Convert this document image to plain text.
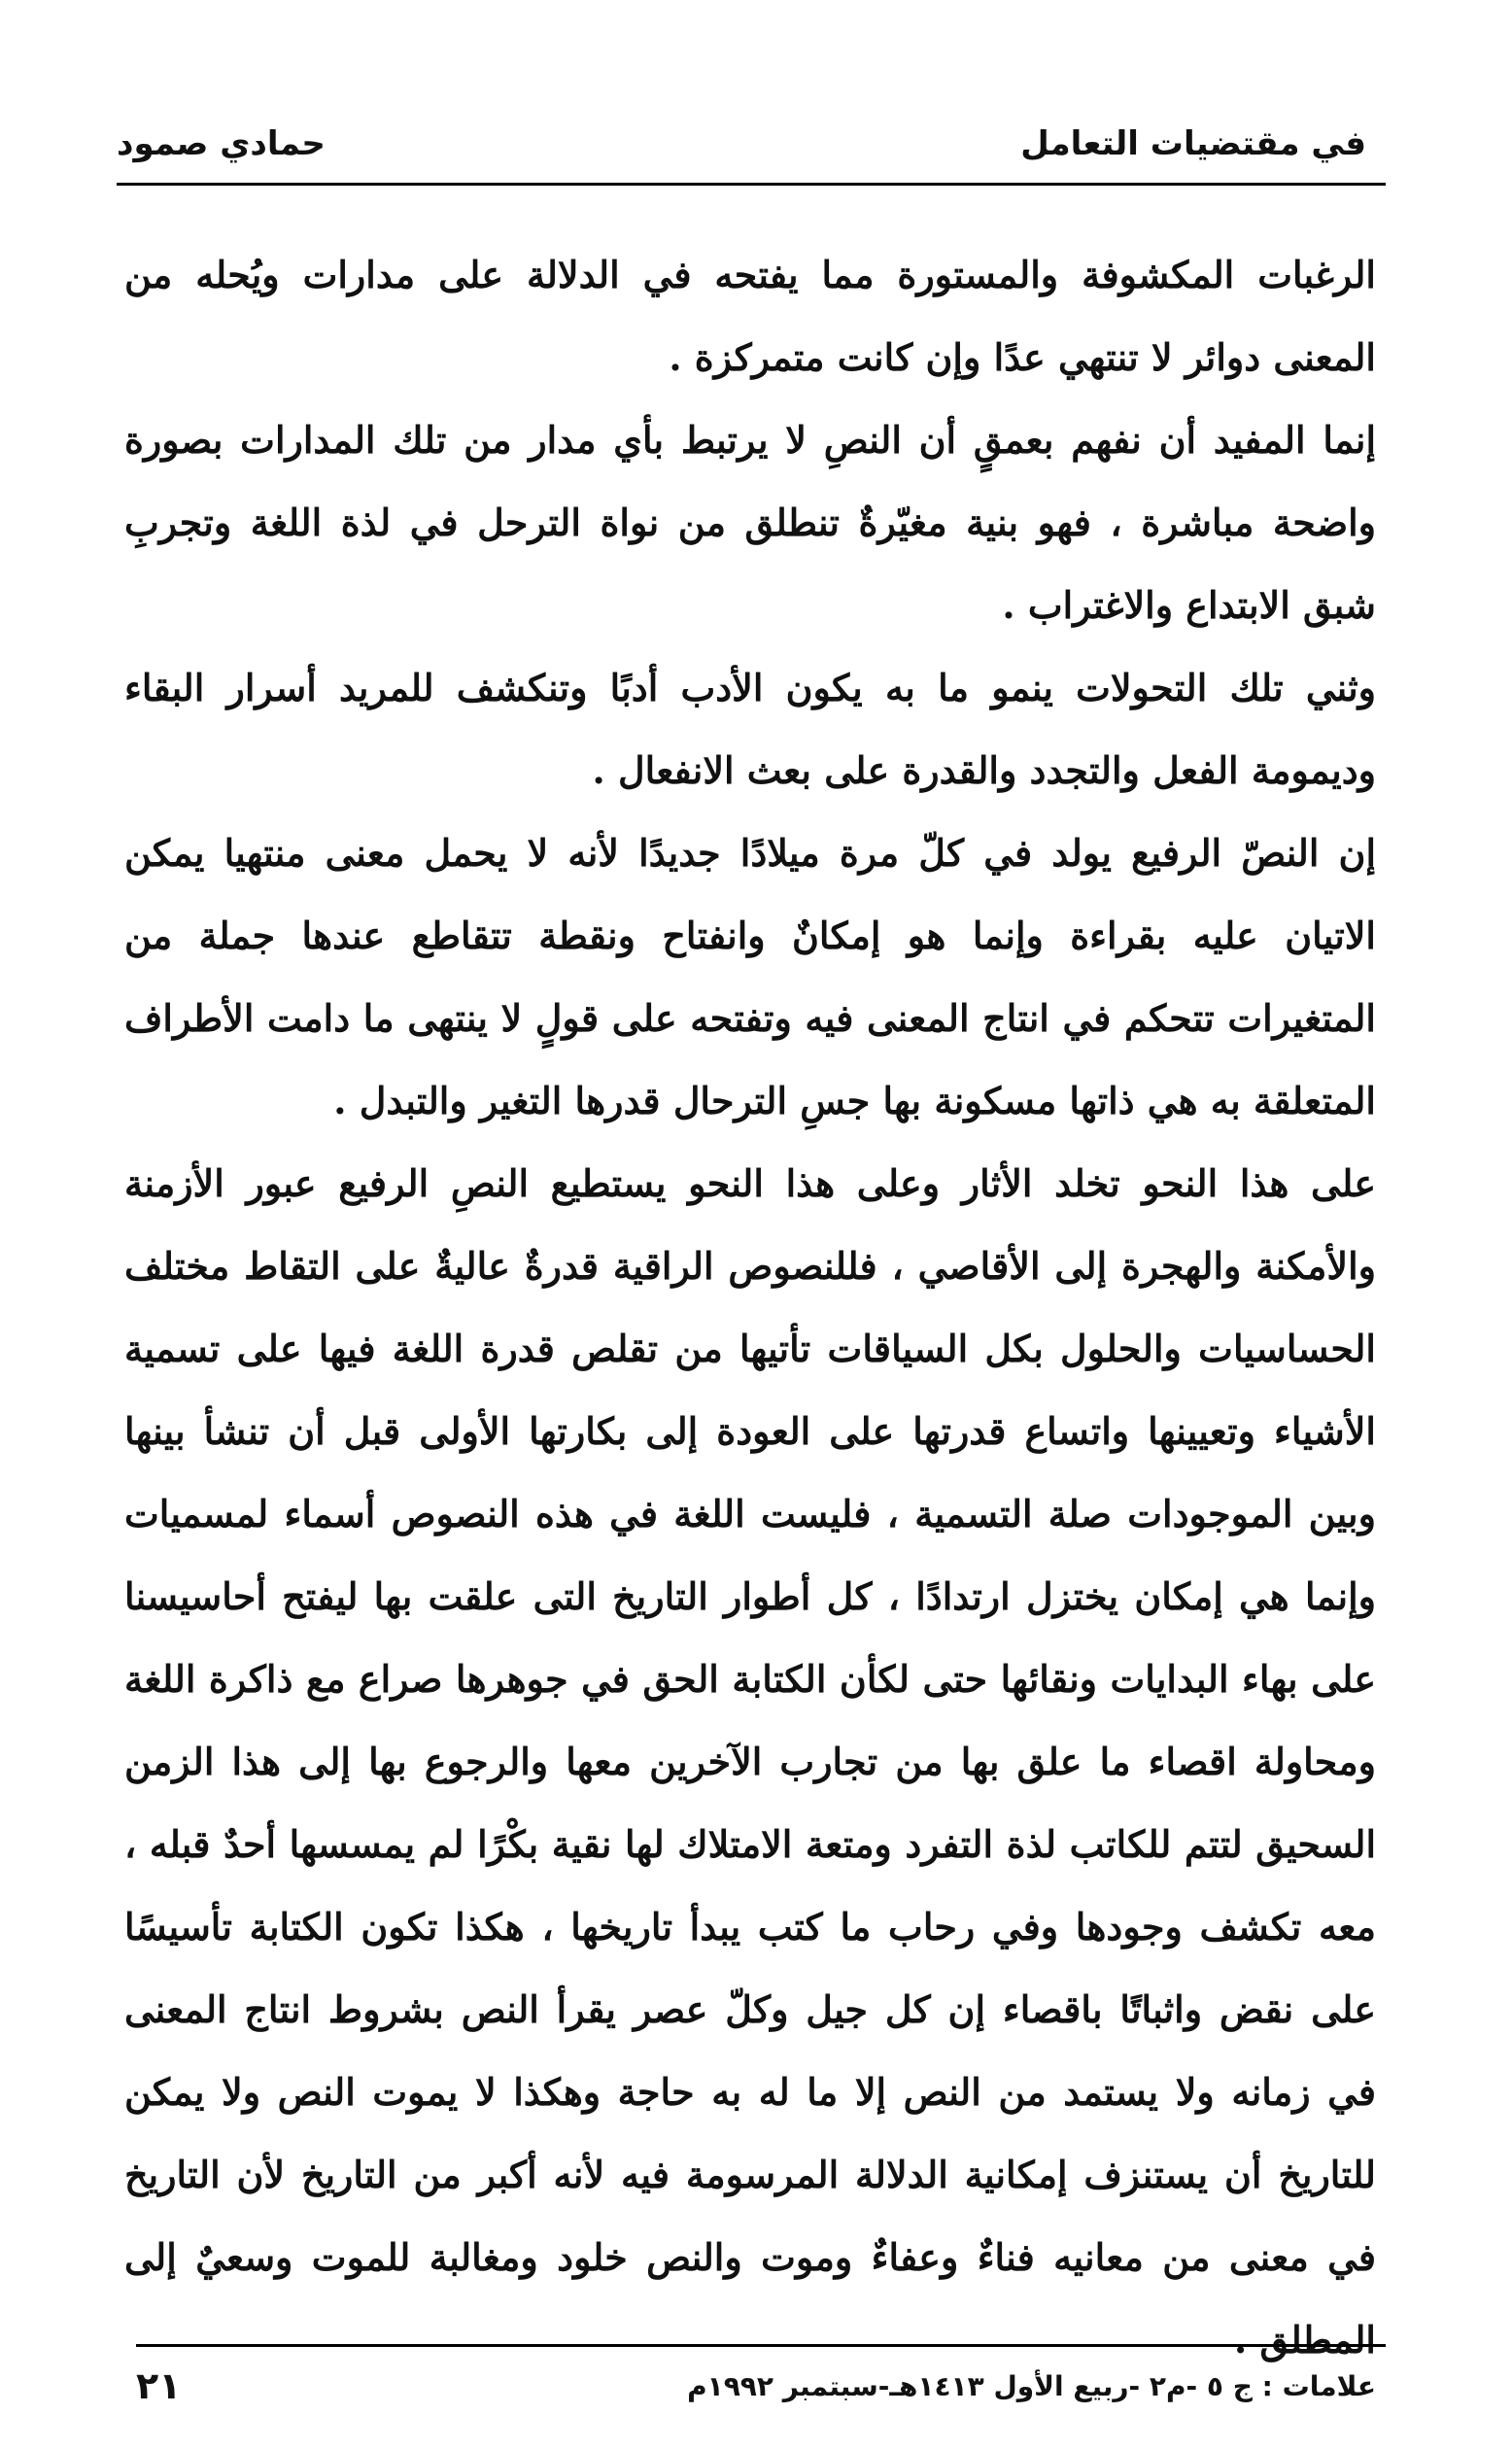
في مقتضيات التعامل
حمادي صمود

الرغبات المكشوفة والمستورة مما يفتحه في الدلالة على مدارات ويُحله من المعنى دوائر لا تنتهي عدًا وإن كانت متمركزة .

إنما المفيد أن نفهم بعمقٍ أن النصِ لا يرتبط بأي مدار من تلك المدارات بصورة واضحة مباشرة ، فهو بنية مغيّرةٌ تنطلق من نواة الترحل في لذة اللغة وتجربِ شبق الابتداع والاغتراب .

وثني تلك التحولات ينمو ما به يكون الأدب أدبًا وتنكشف للمريد أسرار البقاء وديمومة الفعل والتجدد والقدرة على بعث الانفعال .

إن النصّ الرفيع يولد في كلّ مرة ميلادًا جديدًا لأنه لا يحمل معنى منتهيا يمكن الاتيان عليه بقراءة وإنما هو إمكانٌ وانفتاح ونقطة تتقاطع عندها جملة من المتغيرات تتحكم في انتاج المعنى فيه وتفتحه على قولٍ لا ينتهى ما دامت الأطراف المتعلقة به هي ذاتها مسكونة بها جسِ الترحال قدرها التغير والتبدل .

على هذا النحو تخلد الأثار وعلى هذا النحو يستطيع النصِ الرفيع عبور الأزمنة والأمكنة والهجرة إلى الأقاصي ، فللنصوص الراقية قدرةٌ عاليةٌ على التقاط مختلف الحساسيات والحلول بكل السياقات تأتيها من تقلص قدرة اللغة فيها على تسمية الأشياء وتعيينها واتساع قدرتها على العودة إلى بكارتها الأولى قبل أن تنشأ بينها وبين الموجودات صلة التسمية ، فليست اللغة في هذه النصوص أسماء لمسميات وإنما هي إمكان يختزل ارتدادًا ، كل أطوار التاريخ التى علقت بها ليفتح أحاسيسنا على بهاء البدايات ونقائها حتى لكأن الكتابة الحق في جوهرها صراع مع ذاكرة اللغة ومحاولة اقصاء ما علق بها من تجارب الآخرين معها والرجوع بها إلى هذا الزمن السحيق لتتم للكاتب لذة التفرد ومتعة الامتلاك لها نقية بكْرًا لم يمسسها أحدٌ قبله ، معه تكشف وجودها وفي رحاب ما كتب يبدأ تاريخها ، هكذا تكون الكتابة تأسيسًا على نقض واثباتًا باقصاء إن كل جيل وكلّ عصر يقرأ النص بشروط انتاج المعنى في زمانه ولا يستمد من النص إلا ما له به حاجة وهكذا لا يموت النص ولا يمكن للتاريخ أن يستنزف إمكانية الدلالة المرسومة فيه لأنه أكبر من التاريخ لأن التاريخ في معنى من معانيه فناءٌ وعفاءٌ وموت والنص خلود ومغالبة للموت وسعيٌ إلى المطلق .

علامات : ج ٥ -م٢ -ربيع الأول ١٤١٣هـ-سبتمبر ١٩٩٢م
٢١
